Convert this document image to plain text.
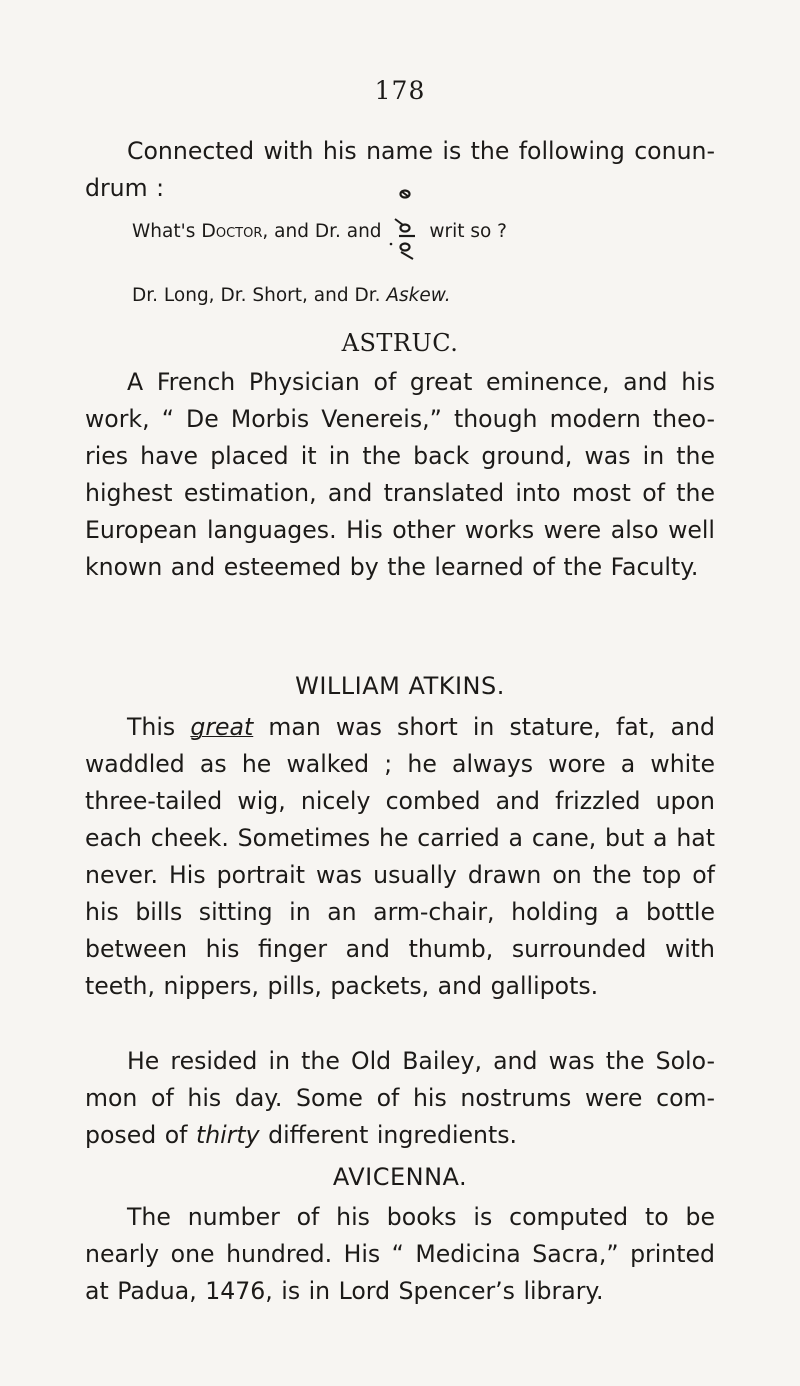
178
Connected with his name is the following conun-drum :
What's Doctor, and Dr. and	writ so ?
Dr. Long, Dr. Short, and Dr. Askew.
ASTRUC.
A French Physician of great eminence, and his work, “ De Morbis Venereis,” though modern theo-ries have placed it in the back ground, was in the highest estimation, and translated into most of the European languages. His other works were also well known and esteemed by the learned of the Faculty.
WILLIAM ATKINS.
This great man was short in stature, fat, and waddled as he walked ; he always wore a white three-tailed wig, nicely combed and frizzled upon each cheek. Sometimes he carried a cane, but a hat never. His portrait was usually drawn on the top of his bills sitting in an arm-chair, holding a bottle between his finger and thumb, surrounded with teeth, nippers, pills, packets, and gallipots.
He resided in the Old Bailey, and was the Solo-mon of his day. Some of his nostrums were com-posed of thirty different ingredients.
AVICENNA.
The number of his books is computed to be nearly one hundred. His “ Medicina Sacra,” printed at Padua, 1476, is in Lord Spencer’s library.
